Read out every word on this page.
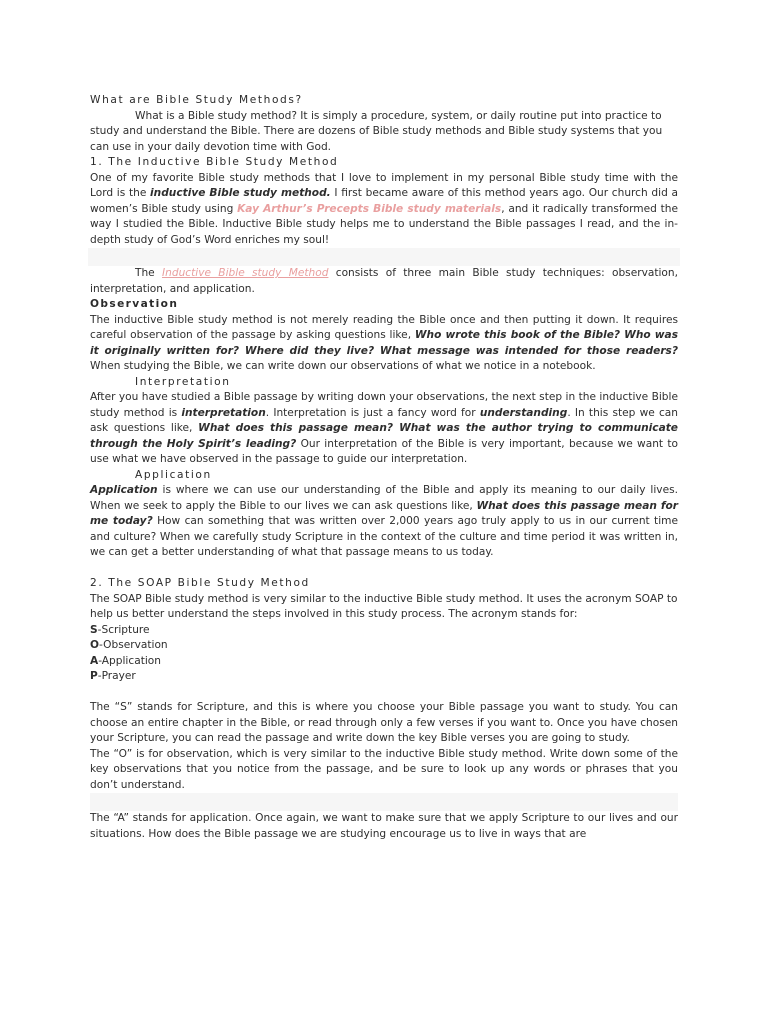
What are Bible Study Methods?

What is a Bible study method? It is simply a procedure, system, or daily routine put into practice to study and understand the Bible. There are dozens of Bible study methods and Bible study systems that you can use in your daily devotion time with God.

1. The Inductive Bible Study Method

One of my favorite Bible study methods that I love to implement in my personal Bible study time with the Lord is the inductive Bible study method. I first became aware of this method years ago. Our church did a women’s Bible study using Kay Arthur’s Precepts Bible study materials, and it radically transformed the way I studied the Bible. Inductive Bible study helps me to understand the Bible passages I read, and the in-depth study of God’s Word enriches my soul!

The Inductive Bible study Method consists of three main Bible study techniques: observation, interpretation, and application.

Observation

The inductive Bible study method is not merely reading the Bible once and then putting it down. It requires careful observation of the passage by asking questions like, Who wrote this book of the Bible? Who was it originally written for? Where did they live? What message was intended for those readers? When studying the Bible, we can write down our observations of what we notice in a notebook.

Interpretation

After you have studied a Bible passage by writing down your observations, the next step in the inductive Bible study method is interpretation. Interpretation is just a fancy word for understanding. In this step we can ask questions like, What does this passage mean? What was the author trying to communicate through the Holy Spirit’s leading? Our interpretation of the Bible is very important, because we want to use what we have observed in the passage to guide our interpretation.

Application

Application is where we can use our understanding of the Bible and apply its meaning to our daily lives. When we seek to apply the Bible to our lives we can ask questions like, What does this passage mean for me today? How can something that was written over 2,000 years ago truly apply to us in our current time and culture? When we carefully study Scripture in the context of the culture and time period it was written in, we can get a better understanding of what that passage means to us today.

2. The SOAP Bible Study Method

The SOAP Bible study method is very similar to the inductive Bible study method. It uses the acronym SOAP to help us better understand the steps involved in this study process. The acronym stands for:

S-Scripture

O-Observation

A-Application

P-Prayer

The “S” stands for Scripture, and this is where you choose your Bible passage you want to study. You can choose an entire chapter in the Bible, or read through only a few verses if you want to. Once you have chosen your Scripture, you can read the passage and write down the key Bible verses you are going to study.

The “O” is for observation, which is very similar to the inductive Bible study method. Write down some of the key observations that you notice from the passage, and be sure to look up any words or phrases that you don’t understand.

The “A” stands for application. Once again, we want to make sure that we apply Scripture to our lives and our situations. How does the Bible passage we are studying encourage us to live in ways that are
